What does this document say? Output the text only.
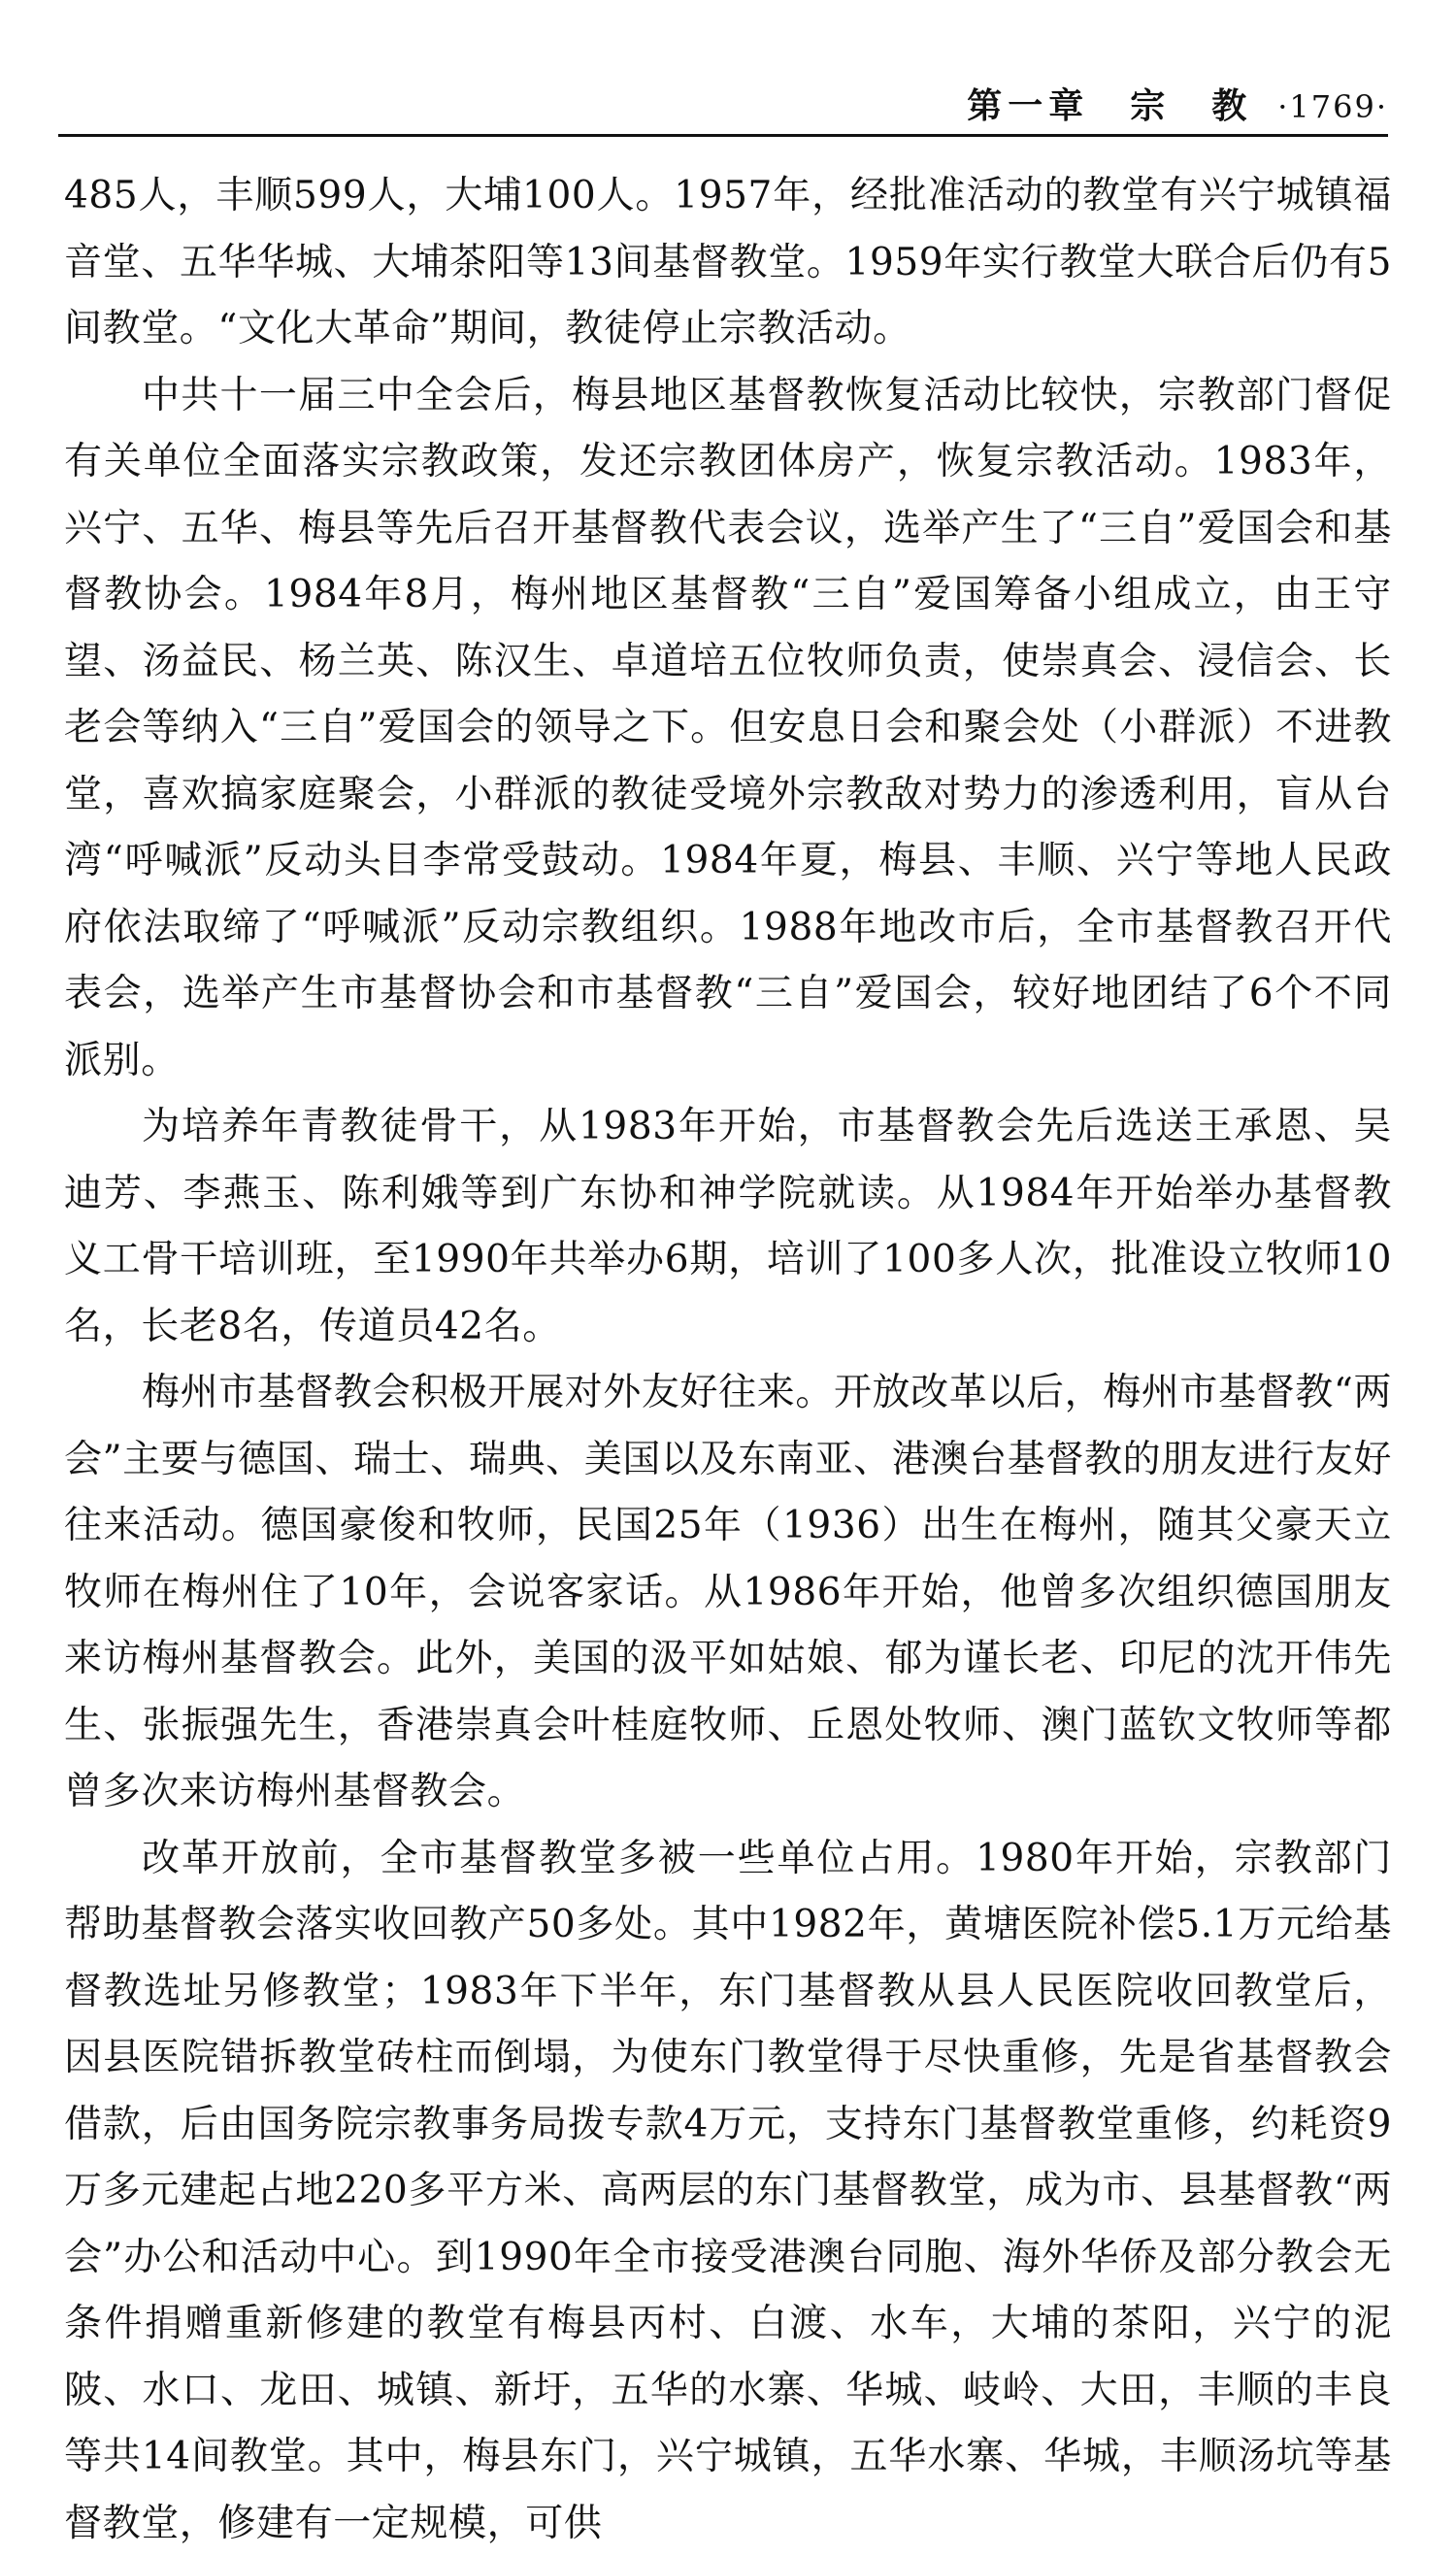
第一章　宗　教 ·1769·

485人，丰顺599人，大埔100人。1957年，经批准活动的教堂有兴宁城镇福音堂、五华华城、大埔茶阳等13间基督教堂。1959年实行教堂大联合后仍有5间教堂。“文化大革命”期间，教徒停止宗教活动。

中共十一届三中全会后，梅县地区基督教恢复活动比较快，宗教部门督促有关单位全面落实宗教政策，发还宗教团体房产，恢复宗教活动。1983年，兴宁、五华、梅县等先后召开基督教代表会议，选举产生了“三自”爱国会和基督教协会。1984年8月，梅州地区基督教“三自”爱国筹备小组成立，由王守望、汤益民、杨兰英、陈汉生、卓道培五位牧师负责，使崇真会、浸信会、长老会等纳入“三自”爱国会的领导之下。但安息日会和聚会处（小群派）不进教堂，喜欢搞家庭聚会，小群派的教徒受境外宗教敌对势力的渗透利用，盲从台湾“呼喊派”反动头目李常受鼓动。1984年夏，梅县、丰顺、兴宁等地人民政府依法取缔了“呼喊派”反动宗教组织。1988年地改市后，全市基督教召开代表会，选举产生市基督协会和市基督教“三自”爱国会，较好地团结了6个不同派别。

为培养年青教徒骨干，从1983年开始，市基督教会先后选送王承恩、吴迪芳、李燕玉、陈利娥等到广东协和神学院就读。从1984年开始举办基督教义工骨干培训班，至1990年共举办6期，培训了100多人次，批准设立牧师10名，长老8名，传道员42名。

梅州市基督教会积极开展对外友好往来。开放改革以后，梅州市基督教“两会”主要与德国、瑞士、瑞典、美国以及东南亚、港澳台基督教的朋友进行友好往来活动。德国豪俊和牧师，民国25年（1936）出生在梅州，随其父豪天立牧师在梅州住了10年，会说客家话。从1986年开始，他曾多次组织德国朋友来访梅州基督教会。此外，美国的汲平如姑娘、郁为谨长老、印尼的沈开伟先生、张振强先生，香港崇真会叶桂庭牧师、丘恩处牧师、澳门蓝钦文牧师等都曾多次来访梅州基督教会。

改革开放前，全市基督教堂多被一些单位占用。1980年开始，宗教部门帮助基督教会落实收回教产50多处。其中1982年，黄塘医院补偿5.1万元给基督教选址另修教堂；1983年下半年，东门基督教从县人民医院收回教堂后，因县医院错拆教堂砖柱而倒塌，为使东门教堂得于尽快重修，先是省基督教会借款，后由国务院宗教事务局拨专款4万元，支持东门基督教堂重修，约耗资9万多元建起占地220多平方米、高两层的东门基督教堂，成为市、县基督教“两会”办公和活动中心。到1990年全市接受港澳台同胞、海外华侨及部分教会无条件捐赠重新修建的教堂有梅县丙村、白渡、水车，大埔的茶阳，兴宁的泥陂、水口、龙田、城镇、新圩，五华的水寨、华城、岐岭、大田，丰顺的丰良等共14间教堂。其中，梅县东门，兴宁城镇，五华水寨、华城，丰顺汤坑等基督教堂，修建有一定规模，可供
